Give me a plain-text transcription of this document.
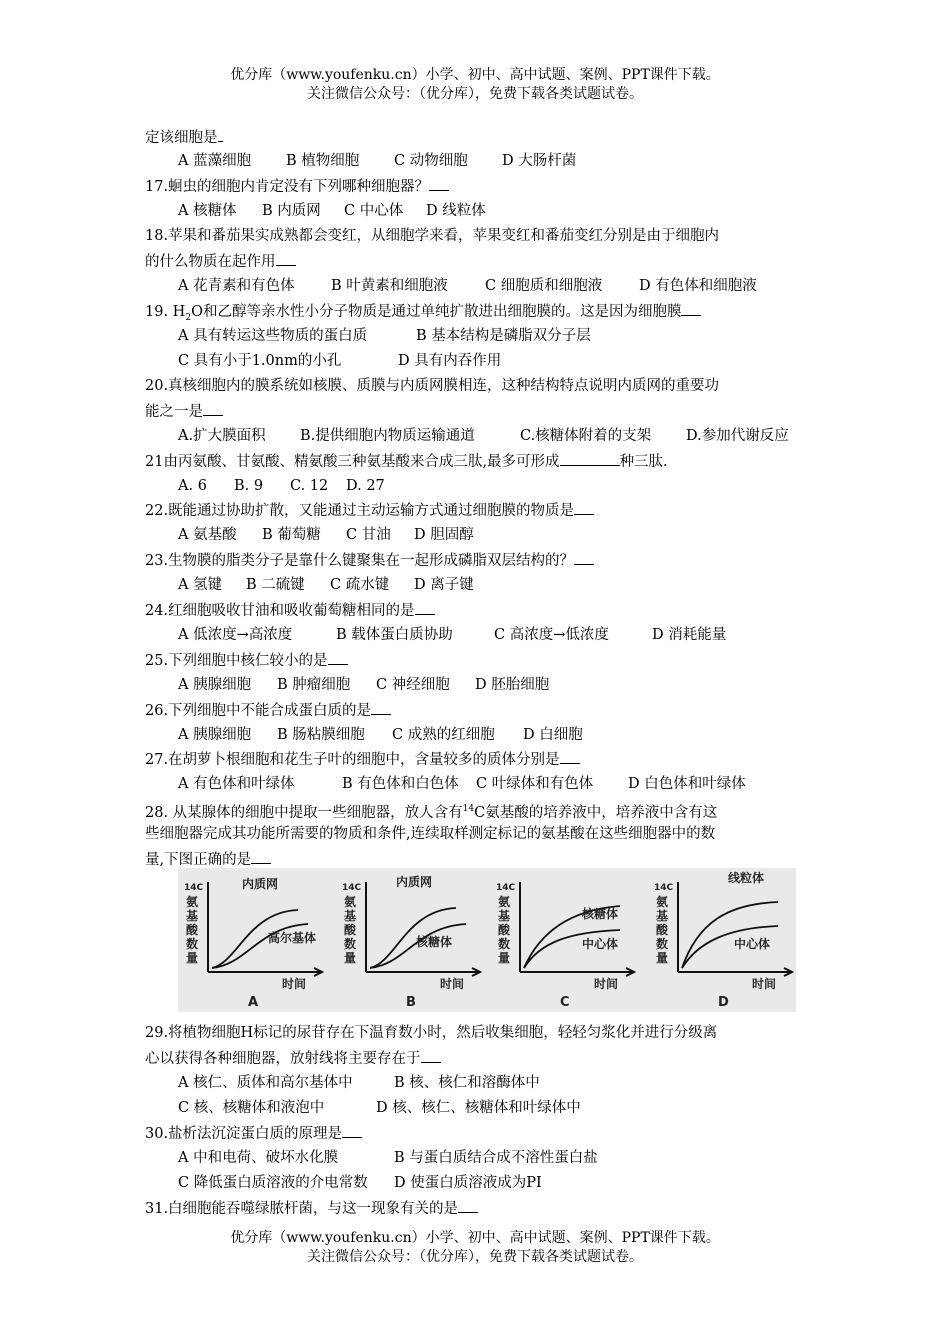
优分库（www.youfenku.cn）小学、初中、高中试题、案例、PPT课件下载。
关注微信公众号：（优分库），免费下载各类试题试卷。
定该细胞是
A 蓝藻细胞 B 植物细胞 C 动物细胞 D 大肠杆菌
17.蛔虫的细胞内肯定没有下列哪种细胞器？
A 核糖体 B 内质网 C 中心体 D 线粒体
18.苹果和番茄果实成熟都会变红，从细胞学来看，苹果变红和番茄变红分别是由于细胞内
的什么物质在起作用
A 花青素和有色体	B 叶黄素和细胞液	C 细胞质和细胞液	D 有色体和细胞液
19. $H_2O$和乙醇等亲水性小分子物质是通过单纯扩散进出细胞膜的。这是因为细胞膜
A 具有转运这些物质的蛋白质	B 基本结构是磷脂双分子层
C 具有小于1.0nm的小孔	D 具有内吞作用
20.真核细胞内的膜系统如核膜、质膜与内质网膜相连，这种结构特点说明内质网的重要功
能之一是
A.扩大膜面积 B.提供细胞内物质运输通道	C.核糖体附着的支架 D.参加代谢反应
21由丙氨酸、甘氨酸、精氨酸三种氨基酸来合成三肽,最多可形成	种三肽.
A. 6 B. 9 C. 12 D. 27
22.既能通过协助扩散，又能通过主动运输方式通过细胞膜的物质是
A 氨基酸 B 葡萄糖 C 甘油 D 胆固醇
23.生物膜的脂类分子是靠什么键聚集在一起形成磷脂双层结构的？
A 氢键 B 二硫键 C 疏水键 D 离子键
24.红细胞吸收甘油和吸收葡萄糖相同的是
A 低浓度→高浓度	B 载体蛋白质协助	C 高浓度→低浓度	D 消耗能量
25.下列细胞中核仁较小的是
A 胰腺细胞 B 肿瘤细胞 C 神经细胞 D 胚胎细胞
26.下列细胞中不能合成蛋白质的是
A 胰腺细胞 B 肠粘膜细胞 C 成熟的红细胞 D 白细胞
27.在胡萝卜根细胞和花生子叶的细胞中，含量较多的质体分别是
A 有色体和叶绿体	B 有色体和白色体 C 叶绿体和有色体 D 白色体和叶绿体
28. 从某腺体的细胞中提取一些细胞器，放人含有$^{14}$C氨基酸的培养液中，培养液中含有这
些细胞器完成其功能所需要的物质和条件,连续取样测定标记的氨基酸在这些细胞器中的数
量,下图正确的是
14C
氨
基
酸
数
量
内质网
高尔基体
时间
A
14C
氨
基
酸
数
量
内质网
核糖体
时间
B
14C
氨
基
酸
数
量
核糖体
中心体
时间
C
14C
氨
基
酸
数
量
线粒体
中心体
时间
D
29.将植物细胞H标记的尿苷存在下温育数小时，然后收集细胞，轻轻匀浆化并进行分级离
心以获得各种细胞器，放射线将主要存在于
A 核仁、质体和高尔基体中	B 核、核仁和溶酶体中
C 核、核糖体和液泡中	D 核、核仁、核糖体和叶绿体中
30.盐析法沉淀蛋白质的原理是
A 中和电荷、破坏水化膜	B 与蛋白质结合成不溶性蛋白盐
C 降低蛋白质溶液的介电常数 D 使蛋白质溶液成为PI
31.白细胞能吞噬绿脓杆菌，与这一现象有关的是
优分库（www.youfenku.cn）小学、初中、高中试题、案例、PPT课件下载。
关注微信公众号：（优分库），免费下载各类试题试卷。
